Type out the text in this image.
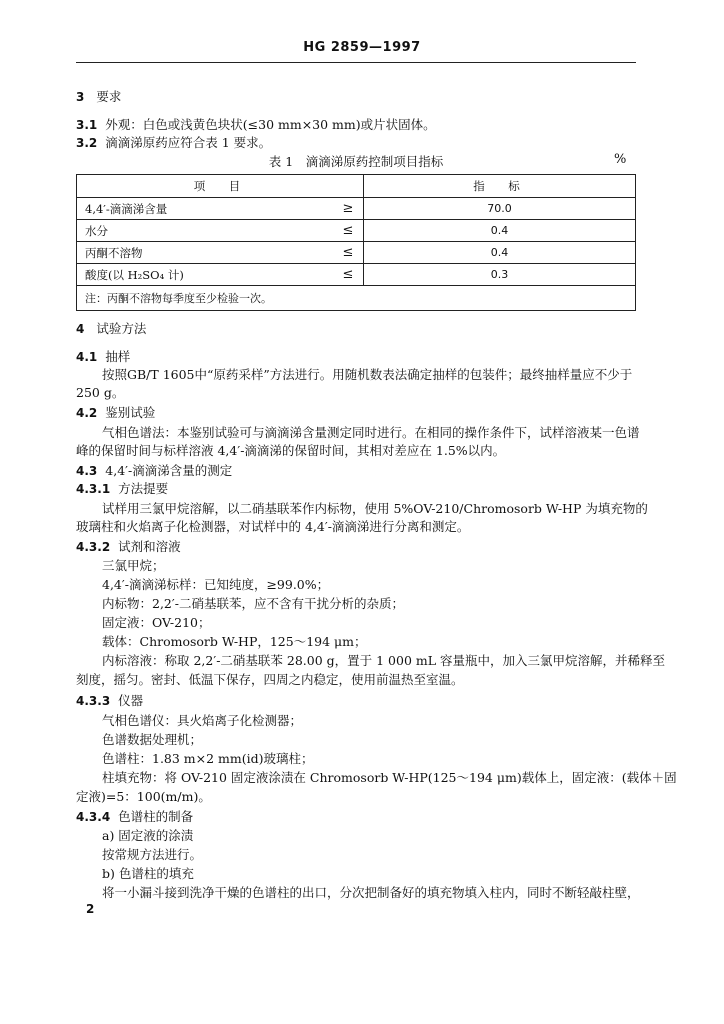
HG 2859—1997
3 要求
3.1 外观：白色或浅黄色块状(≤30 mm×30 mm)或片状固体。
3.2 滴滴涕原药应符合表 1 要求。
表 1　滴滴涕原药控制项目指标	%
项　目		指　标
4,4′-滴滴涕含量	≥	70.0
水分	≤	0.4
丙酮不溶物	≤	0.4
酸度(以 H₂SO₄ 计)	≤	0.3
注：丙酮不溶物每季度至少检验一次。		
4 试验方法
4.1 抽样
按照GB/T 1605中“原药采样”方法进行。用随机数表法确定抽样的包装件；最终抽样量应不少于
250 g。
4.2 鉴别试验
气相色谱法：本鉴别试验可与滴滴涕含量测定同时进行。在相同的操作条件下，试样溶液某一色谱
峰的保留时间与标样溶液 4,4′-滴滴涕的保留时间，其相对差应在 1.5%以内。
4.3 4,4′-滴滴涕含量的测定
4.3.1 方法提要
试样用三氯甲烷溶解，以二硝基联苯作内标物，使用 5%OV-210/Chromosorb W-HP 为填充物的
玻璃柱和火焰离子化检测器，对试样中的 4,4′-滴滴涕进行分离和测定。
4.3.2 试剂和溶液
三氯甲烷；
4,4′-滴滴涕标样：已知纯度，≥99.0%；
内标物：2,2′-二硝基联苯，应不含有干扰分析的杂质；
固定液：OV-210；
载体：Chromosorb W-HP，125～194 μm；
内标溶液：称取 2,2′-二硝基联苯 28.00 g，置于 1 000 mL 容量瓶中，加入三氯甲烷溶解，并稀释至
刻度，摇匀。密封、低温下保存，四周之内稳定，使用前温热至室温。
4.3.3 仪器
气相色谱仪：具火焰离子化检测器；
色谱数据处理机；
色谱柱：1.83 m×2 mm(id)玻璃柱；
柱填充物：将 OV-210 固定液涂渍在 Chromosorb W-HP(125～194 μm)载体上，固定液：(载体＋固
定液)=5：100(m/m)。
4.3.4 色谱柱的制备
a) 固定液的涂渍
按常规方法进行。
b) 色谱柱的填充
将一小漏斗接到洗净干燥的色谱柱的出口，分次把制备好的填充物填入柱内，同时不断轻敲柱壁，
2
